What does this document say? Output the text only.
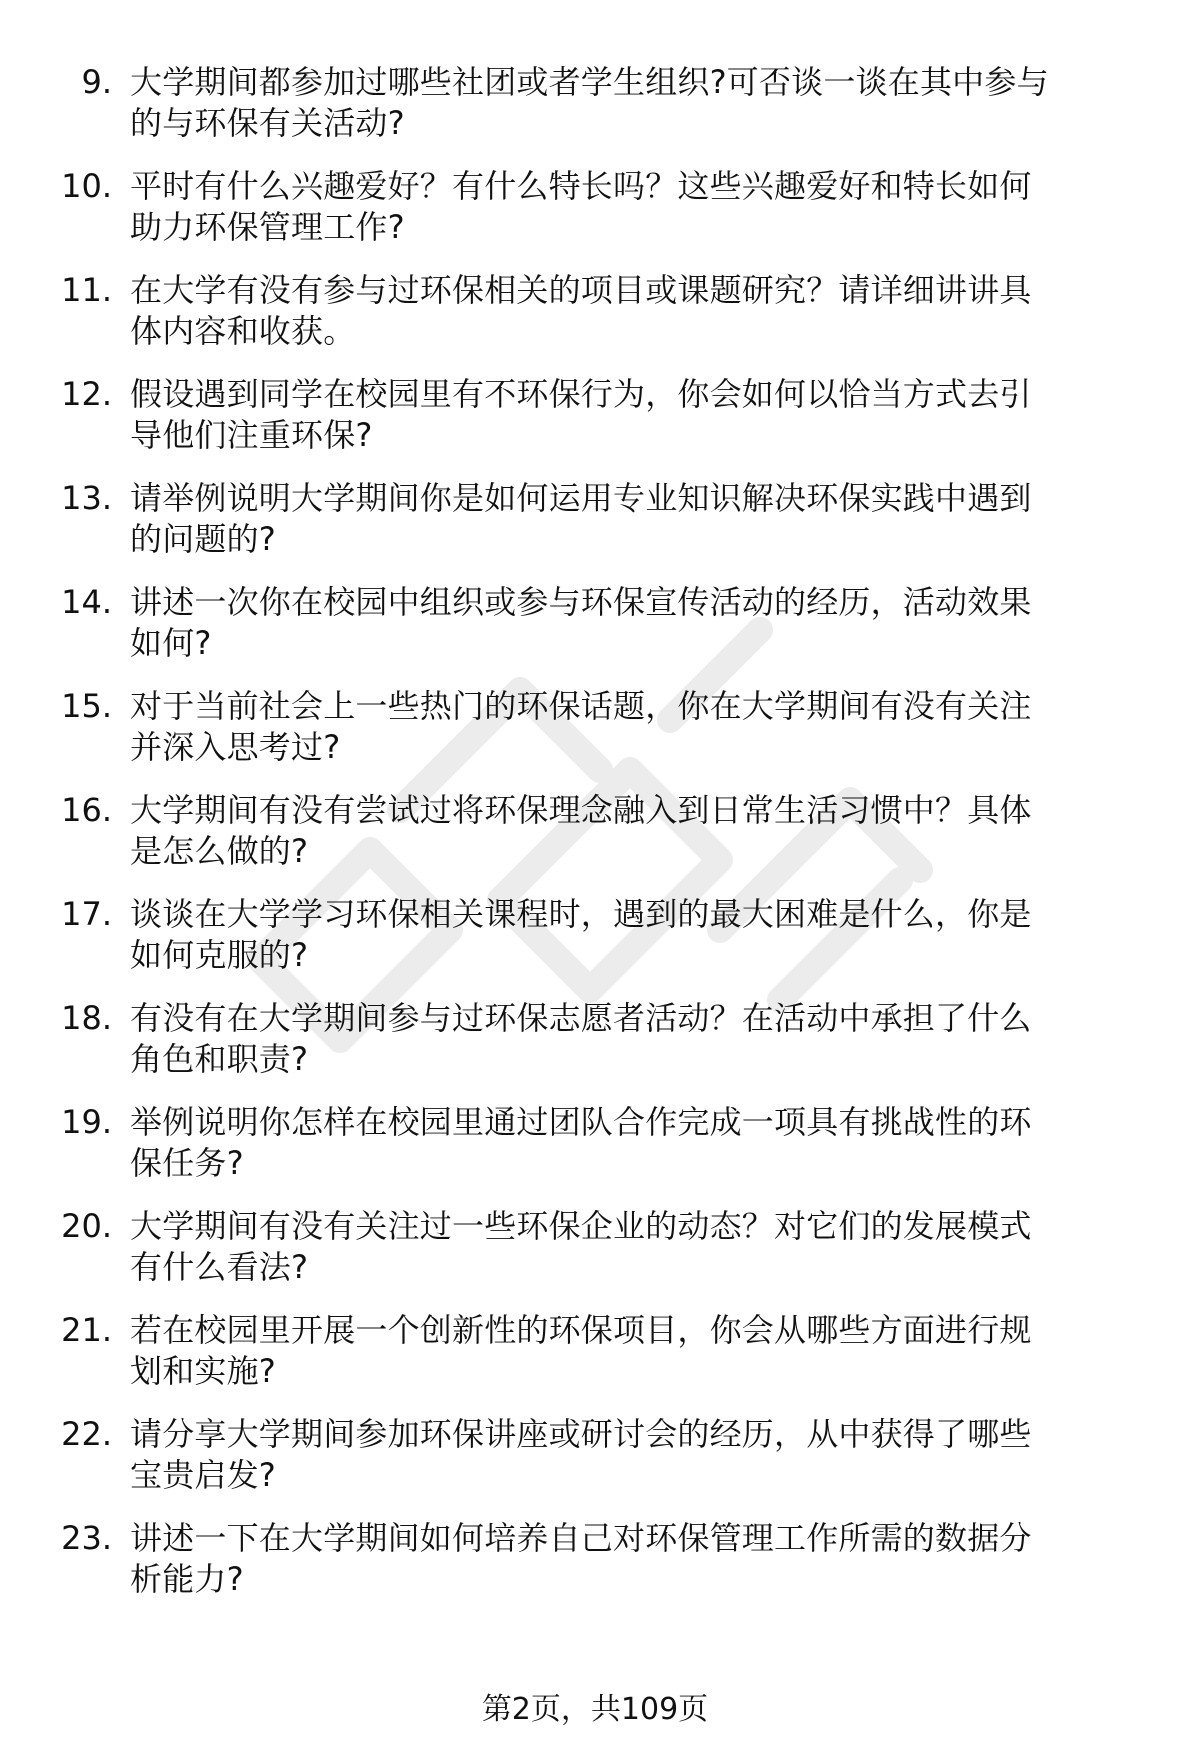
9. 大学期间都参加过哪些社团或者学生组织?可否谈一谈在其中参与
的与环保有关活动?
10. 平时有什么兴趣爱好？有什么特长吗？这些兴趣爱好和特长如何
助力环保管理工作?
11. 在大学有没有参与过环保相关的项目或课题研究？请详细讲讲具
体内容和收获。
12. 假设遇到同学在校园里有不环保行为，你会如何以恰当方式去引
导他们注重环保?
13. 请举例说明大学期间你是如何运用专业知识解决环保实践中遇到
的问题的?
14. 讲述一次你在校园中组织或参与环保宣传活动的经历，活动效果
如何?
15. 对于当前社会上一些热门的环保话题，你在大学期间有没有关注
并深入思考过?
16. 大学期间有没有尝试过将环保理念融入到日常生活习惯中？具体
是怎么做的?
17. 谈谈在大学学习环保相关课程时，遇到的最大困难是什么，你是
如何克服的?
18. 有没有在大学期间参与过环保志愿者活动？在活动中承担了什么
角色和职责?
19. 举例说明你怎样在校园里通过团队合作完成一项具有挑战性的环
保任务?
20. 大学期间有没有关注过一些环保企业的动态？对它们的发展模式
有什么看法?
21. 若在校园里开展一个创新性的环保项目，你会从哪些方面进行规
划和实施?
22. 请分享大学期间参加环保讲座或研讨会的经历，从中获得了哪些
宝贵启发?
23. 讲述一下在大学期间如何培养自己对环保管理工作所需的数据分
析能力?
第2页，共109页
